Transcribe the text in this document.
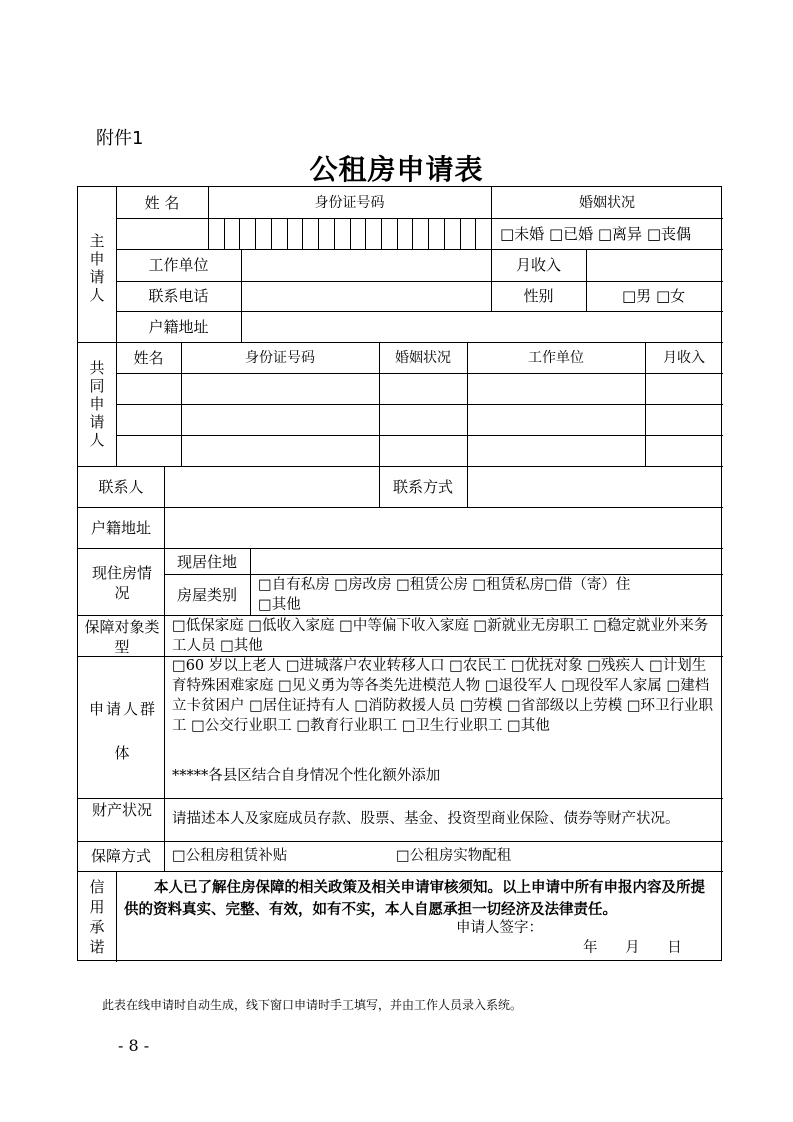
附件1
公租房申请表
主申请人
姓 名	身份证号码	婚姻状况
□未婚 □已婚 □离异 □丧偶
工作单位	月收入
联系电话	性别	□男 □女
户籍地址
共同申请人
姓名	身份证号码	婚姻状况	工作单位	月收入
联系人	联系方式
户籍地址
现住房情况
现居住地
房屋类别
□自有私房 □房改房 □租赁公房 □租赁私房□借（寄）住
□其他
保障对象类型
□低保家庭 □低收入家庭 □中等偏下收入家庭 □新就业无房职工 □稳定就业外来务工人员 □其他
申请人群体
□60 岁以上老人 □进城落户农业转移人口 □农民工 □优抚对象 □残疾人 □计划生育特殊困难家庭 □见义勇为等各类先进模范人物 □退役军人 □现役军人家属 □建档立卡贫困户 □居住证持有人 □消防救援人员 □劳模 □省部级以上劳模 □环卫行业职工 □公交行业职工 □教育行业职工 □卫生行业职工 □其他
*****各县区结合自身情况个性化额外添加
财产状况 请描述本人及家庭成员存款、股票、基金、投资型商业保险、债券等财产状况。
保障方式	□公租房租赁补贴	□公租房实物配租
信用承诺
本人已了解住房保障的相关政策及相关申请审核须知。以上申请中所有申报内容及所提供的资料真实、完整、有效，如有不实，本人自愿承担一切经济及法律责任。
申请人签字：
年      月      日
此表在线申请时自动生成，线下窗口申请时手工填写，并由工作人员录入系统。
- 8 -
